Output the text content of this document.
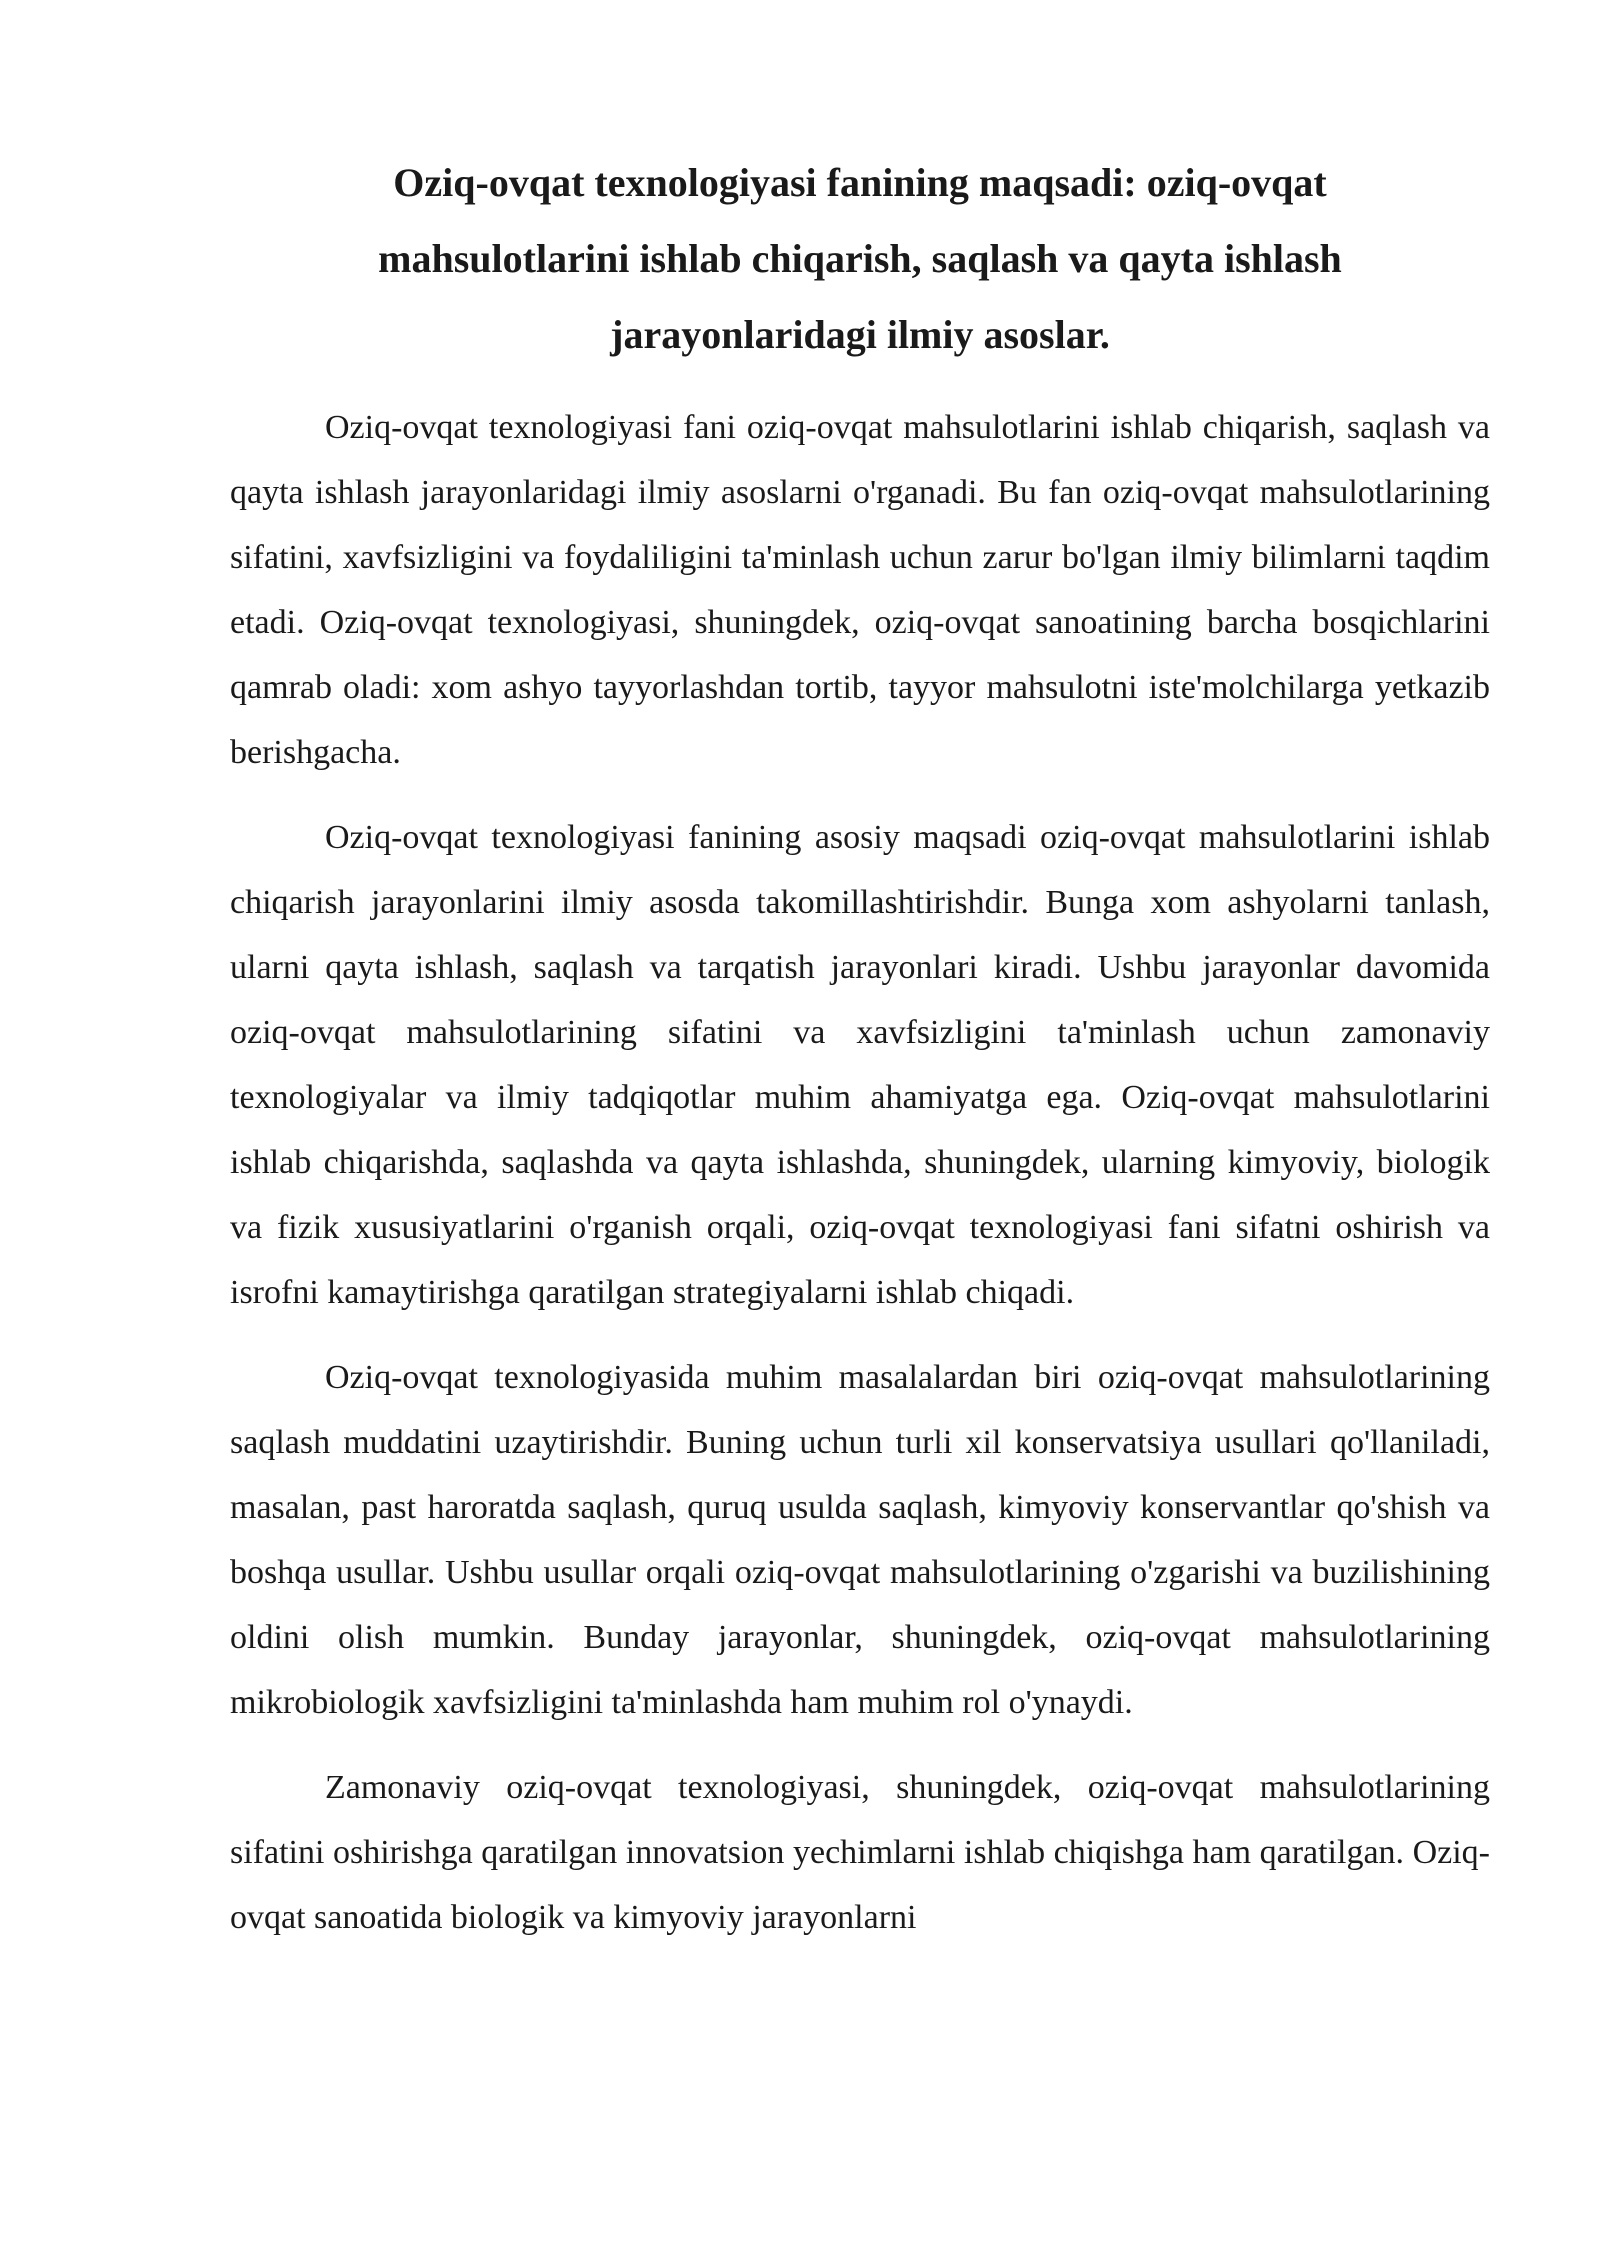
Oziq-ovqat texnologiyasi fanining maqsadi: oziq-ovqat mahsulotlarini ishlab chiqarish, saqlash va qayta ishlash jarayonlaridagi ilmiy asoslar.

Oziq-ovqat texnologiyasi fani oziq-ovqat mahsulotlarini ishlab chiqarish, saqlash va qayta ishlash jarayonlaridagi ilmiy asoslarni o'rganadi. Bu fan oziq-ovqat mahsulotlarining sifatini, xavfsizligini va foydaliligini ta'minlash uchun zarur bo'lgan ilmiy bilimlarni taqdim etadi. Oziq-ovqat texnologiyasi, shuningdek, oziq-ovqat sanoatining barcha bosqichlarini qamrab oladi: xom ashyo tayyorlashdan tortib, tayyor mahsulotni iste'molchilarga yetkazib berishgacha.

Oziq-ovqat texnologiyasi fanining asosiy maqsadi oziq-ovqat mahsulotlarini ishlab chiqarish jarayonlarini ilmiy asosda takomillashtirishdir. Bunga xom ashyolarni tanlash, ularni qayta ishlash, saqlash va tarqatish jarayonlari kiradi. Ushbu jarayonlar davomida oziq-ovqat mahsulotlarining sifatini va xavfsizligini ta'minlash uchun zamonaviy texnologiyalar va ilmiy tadqiqotlar muhim ahamiyatga ega. Oziq-ovqat mahsulotlarini ishlab chiqarishda, saqlashda va qayta ishlashda, shuningdek, ularning kimyoviy, biologik va fizik xususiyatlarini o'rganish orqali, oziq-ovqat texnologiyasi fani sifatni oshirish va isrofni kamaytirishga qaratilgan strategiyalarni ishlab chiqadi.

Oziq-ovqat texnologiyasida muhim masalalardan biri oziq-ovqat mahsulotlarining saqlash muddatini uzaytirishdir. Buning uchun turli xil konservatsiya usullari qo'llaniladi, masalan, past haroratda saqlash, quruq usulda saqlash, kimyoviy konservantlar qo'shish va boshqa usullar. Ushbu usullar orqali oziq-ovqat mahsulotlarining o'zgarishi va buzilishining oldini olish mumkin. Bunday jarayonlar, shuningdek, oziq-ovqat mahsulotlarining mikrobiologik xavfsizligini ta'minlashda ham muhim rol o'ynaydi.

Zamonaviy oziq-ovqat texnologiyasi, shuningdek, oziq-ovqat mahsulotlarining sifatini oshirishga qaratilgan innovatsion yechimlarni ishlab chiqishga ham qaratilgan. Oziq-ovqat sanoatida biologik va kimyoviy jarayonlarni
